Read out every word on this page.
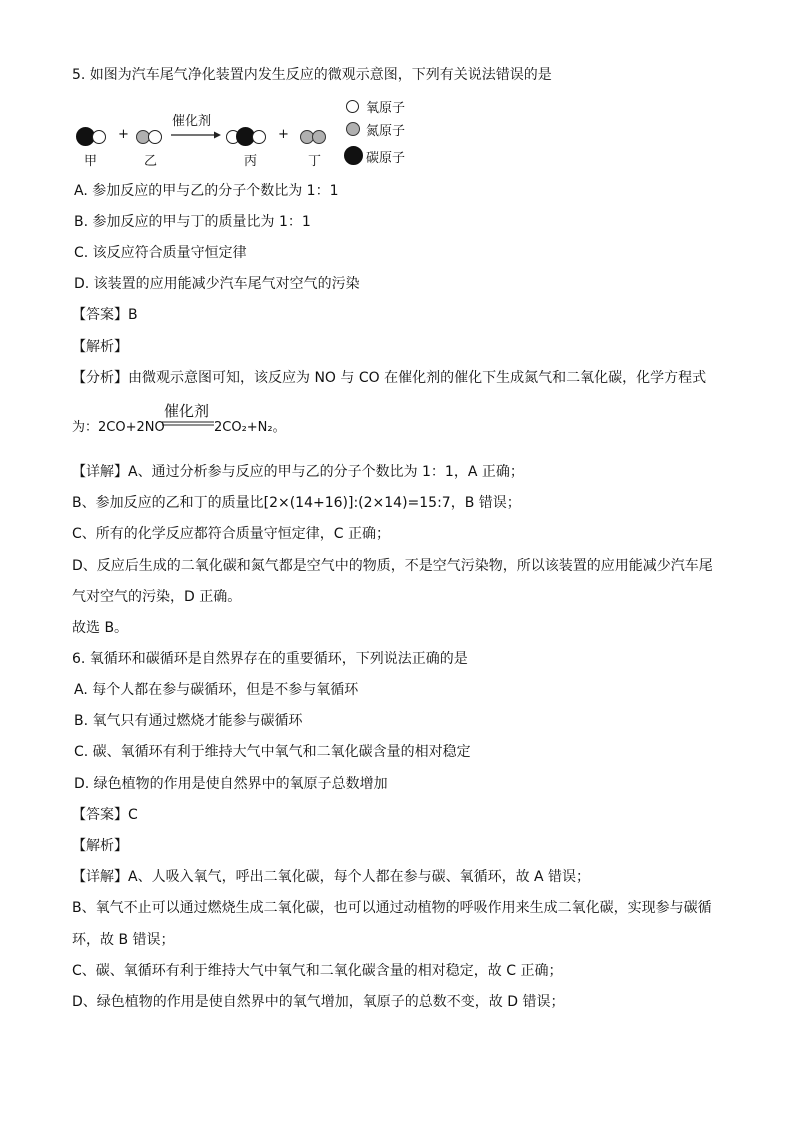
5. 如图为汽车尾气净化装置内发生反应的微观示意图，下列有关说法错误的是
甲
+
乙
催化剂
丙
+
丁
氧原子
氮原子
碳原子
A. 参加反应的甲与乙的分子个数比为 1：1
B. 参加反应的甲与丁的质量比为 1：1
C. 该反应符合质量守恒定律
D. 该装置的应用能减少汽车尾气对空气的污染
【答案】B
【解析】
【分析】由微观示意图可知，该反应为 NO 与 CO 在催化剂的催化下生成氮气和二氧化碳，化学方程式
为：2CO+2NO
催化剂
2CO₂+N₂。
【详解】A、通过分析参与反应的甲与乙的分子个数比为 1：1，A 正确；
B、参加反应的乙和丁的质量比[2×(14+16)]:(2×14)=15:7，B 错误；
C、所有的化学反应都符合质量守恒定律，C 正确；
D、反应后生成的二氧化碳和氮气都是空气中的物质，不是空气污染物，所以该装置的应用能减少汽车尾
气对空气的污染，D 正确。
故选 B。
6. 氧循环和碳循环是自然界存在的重要循环，下列说法正确的是
A. 每个人都在参与碳循环，但是不参与氧循环
B. 氧气只有通过燃烧才能参与碳循环
C. 碳、氧循环有利于维持大气中氧气和二氧化碳含量的相对稳定
D. 绿色植物的作用是使自然界中的氧原子总数增加
【答案】C
【解析】
【详解】A、人吸入氧气，呼出二氧化碳，每个人都在参与碳、氧循环，故 A 错误；
B、氧气不止可以通过燃烧生成二氧化碳，也可以通过动植物的呼吸作用来生成二氧化碳，实现参与碳循
环，故 B 错误；
C、碳、氧循环有利于维持大气中氧气和二氧化碳含量的相对稳定，故 C 正确；
D、绿色植物的作用是使自然界中的氧气增加，氧原子的总数不变，故 D 错误；
